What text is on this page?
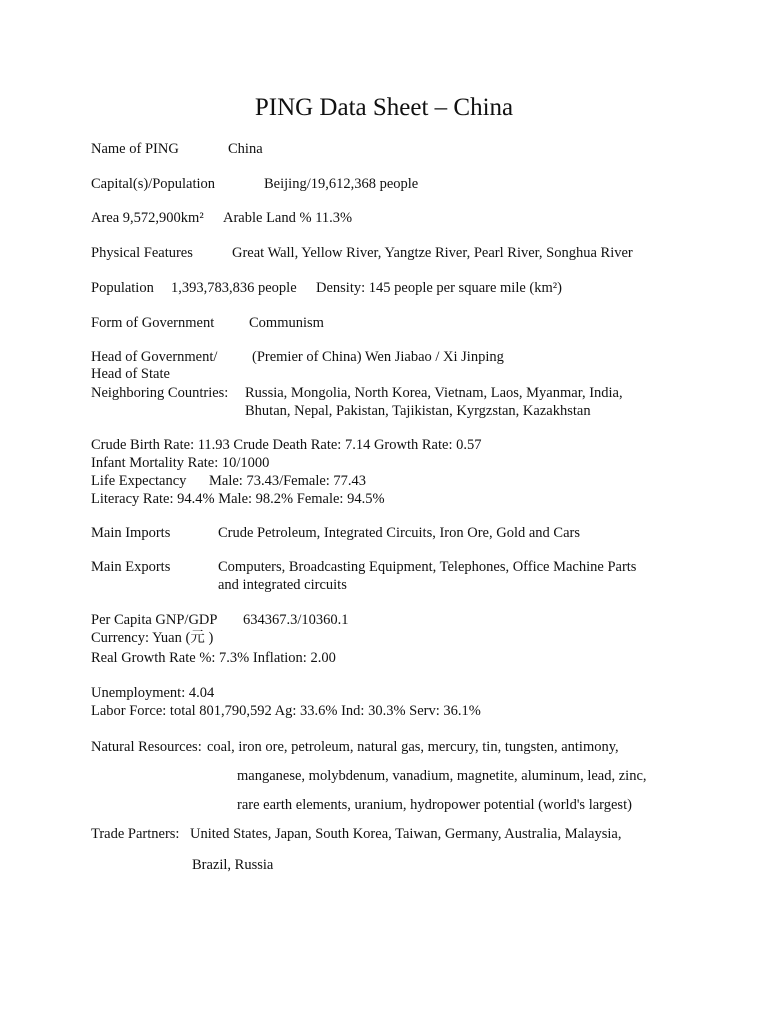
PING Data Sheet – China
Name of PING	China
Capital(s)/Population	Beijing/19,612,368 people
Area 9,572,900km² Arable Land % 11.3%
Physical Features	Great Wall, Yellow River, Yangtze River, Pearl River, Songhua River
Population 1,393,783,836 people Density: 145 people per square mile (km²)
Form of Government Communism
Head of Government/ (Premier of China) Wen Jiabao / Xi Jinping
Head of State
Neighboring Countries: Russia, Mongolia, North Korea, Vietnam, Laos, Myanmar, India,
Bhutan, Nepal, Pakistan, Tajikistan, Kyrgzstan, Kazakhstan
Crude Birth Rate: 11.93 Crude Death Rate: 7.14 Growth Rate: 0.57
Infant Mortality Rate: 10/1000
Life Expectancy Male: 73.43/Female: 77.43
Literacy Rate: 94.4% Male: 98.2% Female: 94.5%
Main Imports	Crude Petroleum, Integrated Circuits, Iron Ore, Gold and Cars
Main Exports	Computers, Broadcasting Equipment, Telephones, Office Machine Parts
and integrated circuits
Per Capita GNP/GDP 634367.3/10360.1
Currency: Yuan (元 )
Real Growth Rate %: 7.3% Inflation: 2.00
Unemployment: 4.04
Labor Force: total 801,790,592 Ag: 33.6% Ind: 30.3% Serv: 36.1%
Natural Resources: coal, iron ore, petroleum, natural gas, mercury, tin, tungsten, antimony,
manganese, molybdenum, vanadium, magnetite, aluminum, lead, zinc,
rare earth elements, uranium, hydropower potential (world's largest)
Trade Partners: United States, Japan, South Korea, Taiwan, Germany, Australia, Malaysia,
Brazil, Russia
